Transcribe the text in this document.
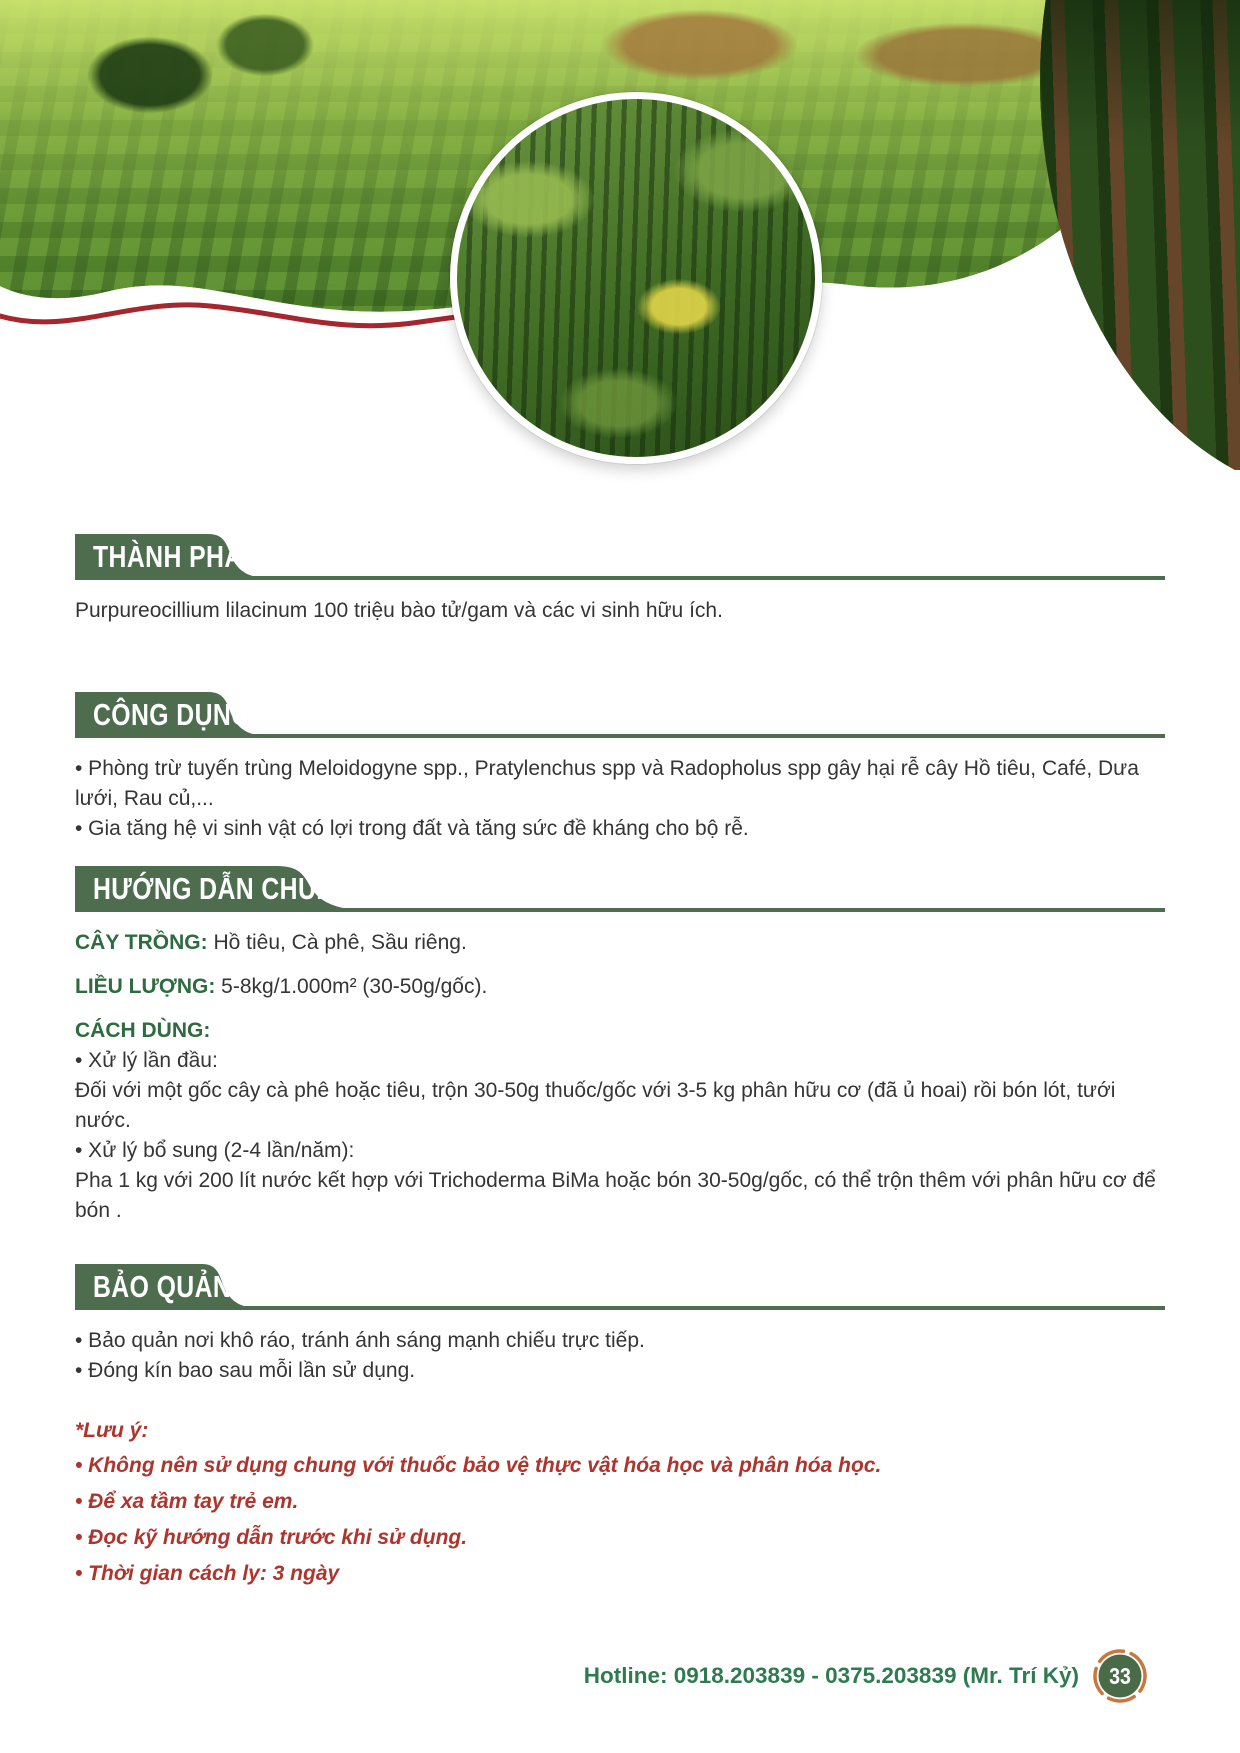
THÀNH PHẦN

Purpureocillium lilacinum 100 triệu bào tử/gam và các vi sinh hữu ích.

CÔNG DỤNG

• Phòng trừ tuyến trùng Meloidogyne spp., Pratylenchus spp và Radopholus spp gây hại rễ cây Hồ tiêu, Café, Dưa lưới, Rau củ,...

• Gia tăng hệ vi sinh vật có lợi trong đất và tăng sức đề kháng cho bộ rễ.

HƯỚNG DẪN CHUNG

CÂY TRỒNG: Hồ tiêu, Cà phê, Sầu riêng.

LIỀU LƯỢNG: 5-8kg/1.000m² (30-50g/gốc).

CÁCH DÙNG:

• Xử lý lần đầu:

Đối với một gốc cây cà phê hoặc tiêu, trộn 30-50g thuốc/gốc với 3-5 kg phân hữu cơ (đã ủ hoai) rồi bón lót, tưới nước.

• Xử lý bổ sung (2-4 lần/năm):

Pha 1 kg với 200 lít nước kết hợp với Trichoderma BiMa hoặc bón 30-50g/gốc, có thể trộn thêm với phân hữu cơ để bón .

BẢO QUẢN

• Bảo quản nơi khô ráo, tránh ánh sáng mạnh chiếu trực tiếp.

• Đóng kín bao sau mỗi lần sử dụng.

*Lưu ý:

• Không nên sử dụng chung với thuốc bảo vệ thực vật hóa học và phân hóa học.

• Để xa tầm tay trẻ em.

• Đọc kỹ hướng dẫn trước khi sử dụng.

• Thời gian cách ly: 3 ngày

Hotline: 0918.203839 - 0375.203839 (Mr. Trí Kỷ)	33
